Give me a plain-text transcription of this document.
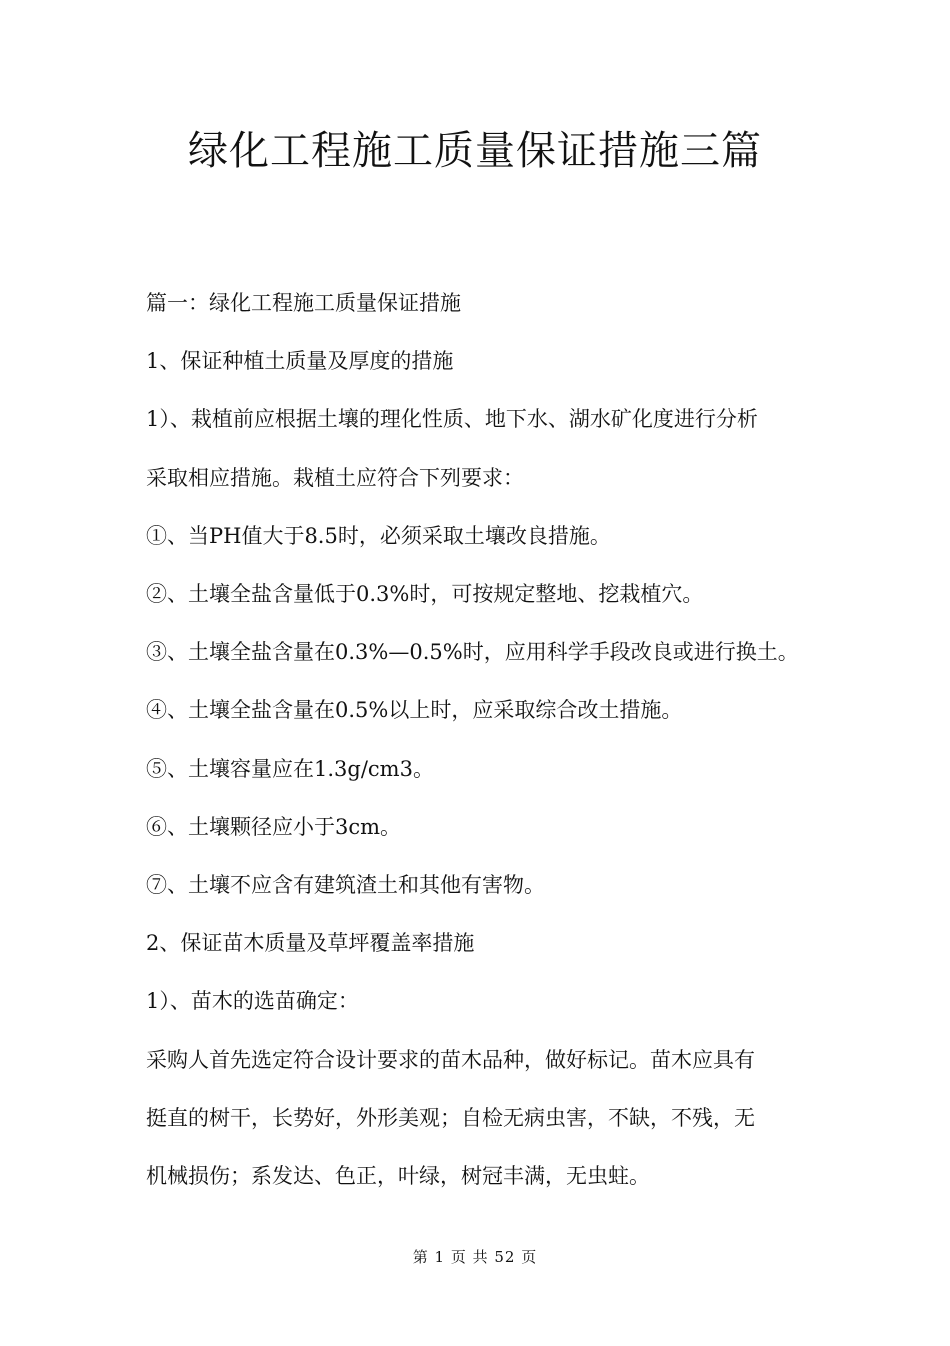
绿化工程施工质量保证措施三篇

篇一：绿化工程施工质量保证措施

1、保证种植土质量及厚度的措施

1）、栽植前应根据土壤的理化性质、地下水、湖水矿化度进行分析

采取相应措施。栽植土应符合下列要求：

①、当PH值大于8.5时，必须采取土壤改良措施。

②、土壤全盐含量低于0.3%时，可按规定整地、挖栽植穴。

③、土壤全盐含量在0.3%—0.5%时，应用科学手段改良或进行换土。

④、土壤全盐含量在0.5%以上时，应采取综合改土措施。

⑤、土壤容量应在1.3g/cm3。

⑥、土壤颗径应小于3cm。

⑦、土壤不应含有建筑渣土和其他有害物。

2、保证苗木质量及草坪覆盖率措施

1）、苗木的选苗确定：

采购人首先选定符合设计要求的苗木品种，做好标记。苗木应具有

挺直的树干，长势好，外形美观；自检无病虫害，不缺，不残，无

机械损伤；系发达、色正，叶绿，树冠丰满，无虫蛀。

第 1 页 共 52 页
